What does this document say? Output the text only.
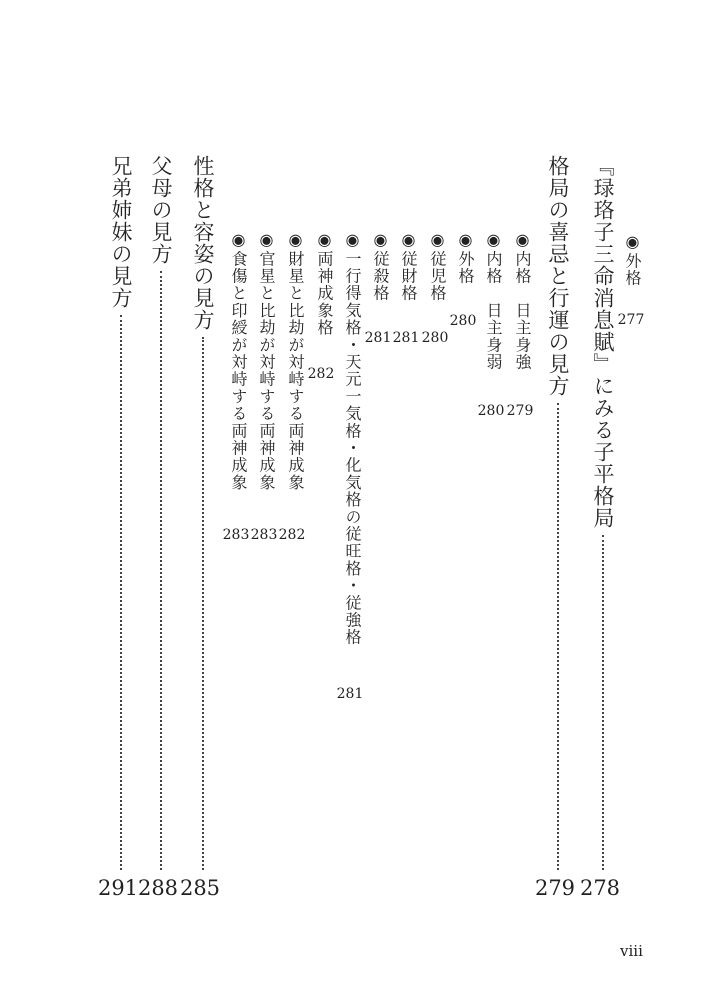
◉外格
277
『琭珞子三命消息賦』にみる子平格局
278
格局の喜忌と行運の見方
279
◉内格　日主身強
279
◉内格　日主身弱
280
◉外格
280
◉従児格
280
◉従財格
281
◉従殺格
281
◉一行得気格・天元一気格・化気格の従旺格・従強格
281
◉両神成象格
282
◉財星と比劫が対峙する両神成象
282
◉官星と比劫が対峙する両神成象
283
◉食傷と印綬が対峙する両神成象
283
性格と容姿の見方
285
父母の見方
288
兄弟姉妹の見方
291
viii
